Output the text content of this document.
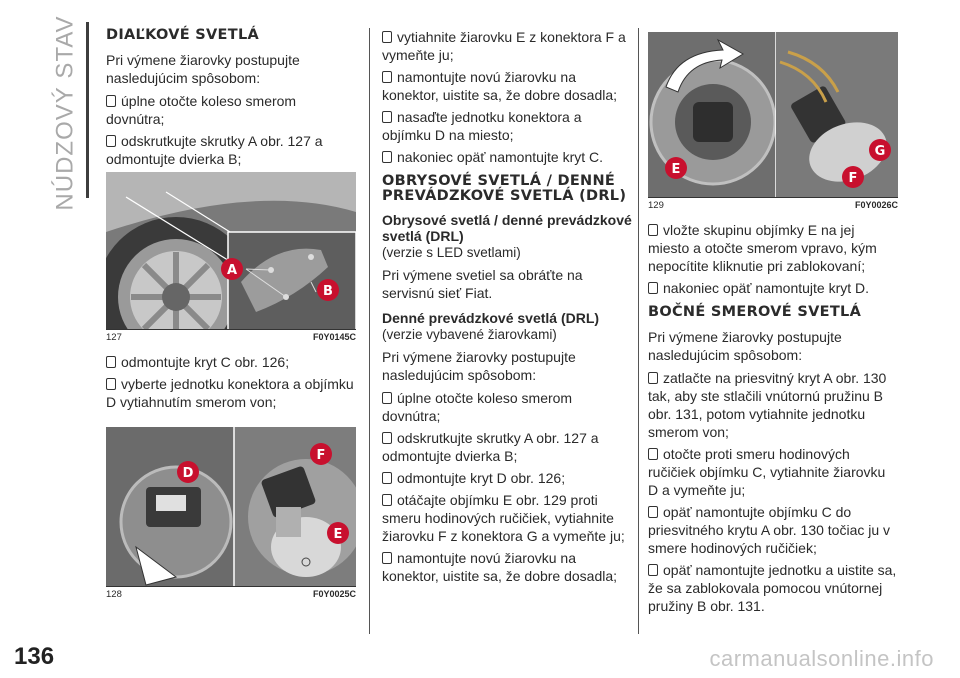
NÚDZOVÝ STAV DIAĽKOVÉ SVETLÁ

Pri výmene žiarovky postupujte nasledujúcim spôsobom:

úplne otočte koleso smerom dovnútra;
odskrutkujte skrutky A obr. 127 a odmontujte dvierka B;
A
B
127	F0Y0145C
odmontujte kryt C obr. 126;
vyberte jednotku konektora a objímku D vytiahnutím smerom von;
D
F
E
128	F0Y0025C
vytiahnite žiarovku E z konektora F a vymeňte ju;
namontujte novú žiarovku na konektor, uistite sa, že dobre dosadla;
nasaďte jednotku konektora a objímku D na miesto;
nakoniec opäť namontujte kryt C.
OBRYSOVÉ SVETLÁ / DENNÉ PREVÁDZKOVÉ SVETLÁ (DRL)
Obrysové svetlá / denné prevádzkové svetlá (DRL)

(verzie s LED svetlami)

Pri výmene svetiel sa obráťte na servisnú sieť Fiat.

Denné prevádzkové svetlá (DRL)

(verzie vybavené žiarovkami)

Pri výmene žiarovky postupujte nasledujúcim spôsobom:

úplne otočte koleso smerom dovnútra;
odskrutkujte skrutky A obr. 127 a odmontujte dvierka B;
odmontujte kryt D obr. 126;
otáčajte objímku E obr. 129 proti smeru hodinových ručičiek, vytiahnite žiarovku F z konektora G a vymeňte ju;
namontujte novú žiarovku na konektor, uistite sa, že dobre dosadla;
E
G
F
129	F0Y0026C
vložte skupinu objímky E na jej miesto a otočte smerom vpravo, kým nepocítite kliknutie pri zablokovaní;
nakoniec opäť namontujte kryt D.
BOČNÉ SMEROVÉ SVETLÁ

Pri výmene žiarovky postupujte nasledujúcim spôsobom:

zatlačte na priesvitný kryt A obr. 130 tak, aby ste stlačili vnútornú pružinu B obr. 131, potom vytiahnite jednotku smerom von;
otočte proti smeru hodinových ručičiek objímku C, vytiahnite žiarovku D a vymeňte ju;
opäť namontujte objímku C do priesvitného krytu A obr. 130 točiac ju v smere hodinových ručičiek;
opäť namontujte jednotku a uistite sa, že sa zablokovala pomocou vnútornej pružiny B obr. 131.
136	carmanualsonline.info
